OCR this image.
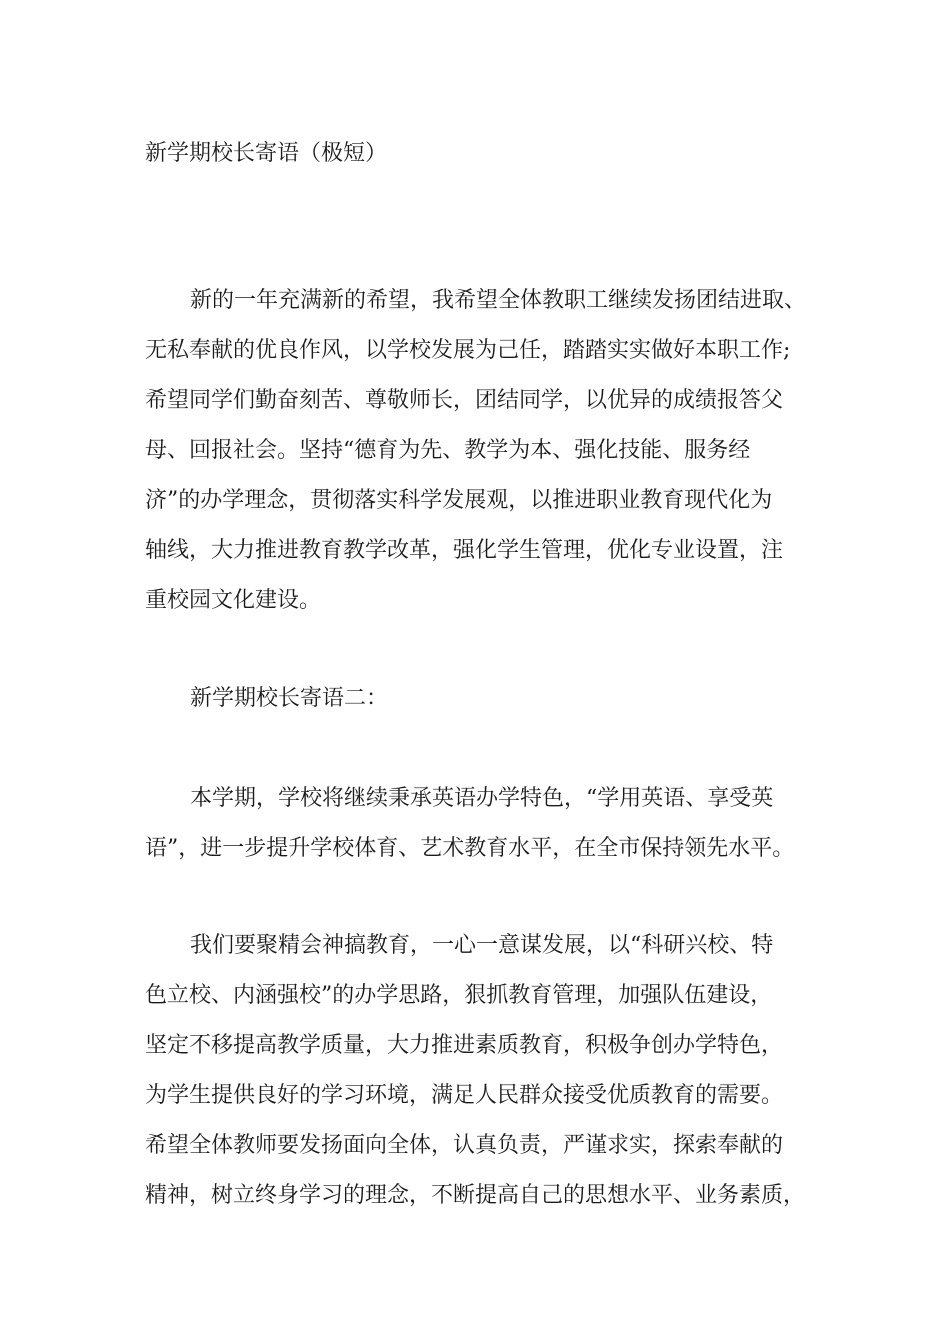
新学期校长寄语（极短）
新的一年充满新的希望，我希望全体教职工继续发扬团结进取、
无私奉献的优良作风，以学校发展为己任，踏踏实实做好本职工作;
希望同学们勤奋刻苦、尊敬师长，团结同学，以优异的成绩报答父
母、回报社会。坚持“德育为先、教学为本、强化技能、服务经
济”的办学理念，贯彻落实科学发展观，以推进职业教育现代化为
轴线，大力推进教育教学改革，强化学生管理，优化专业设置，注
重校园文化建设。
新学期校长寄语二：
本学期，学校将继续秉承英语办学特色，“学用英语、享受英
语”，进一步提升学校体育、艺术教育水平，在全市保持领先水平。
我们要聚精会神搞教育，一心一意谋发展，以“科研兴校、特
色立校、内涵强校”的办学思路，狠抓教育管理，加强队伍建设，
坚定不移提高教学质量，大力推进素质教育，积极争创办学特色，
为学生提供良好的学习环境，满足人民群众接受优质教育的需要。
希望全体教师要发扬面向全体，认真负责，严谨求实，探索奉献的
精神，树立终身学习的理念，不断提高自己的思想水平、业务素质，
